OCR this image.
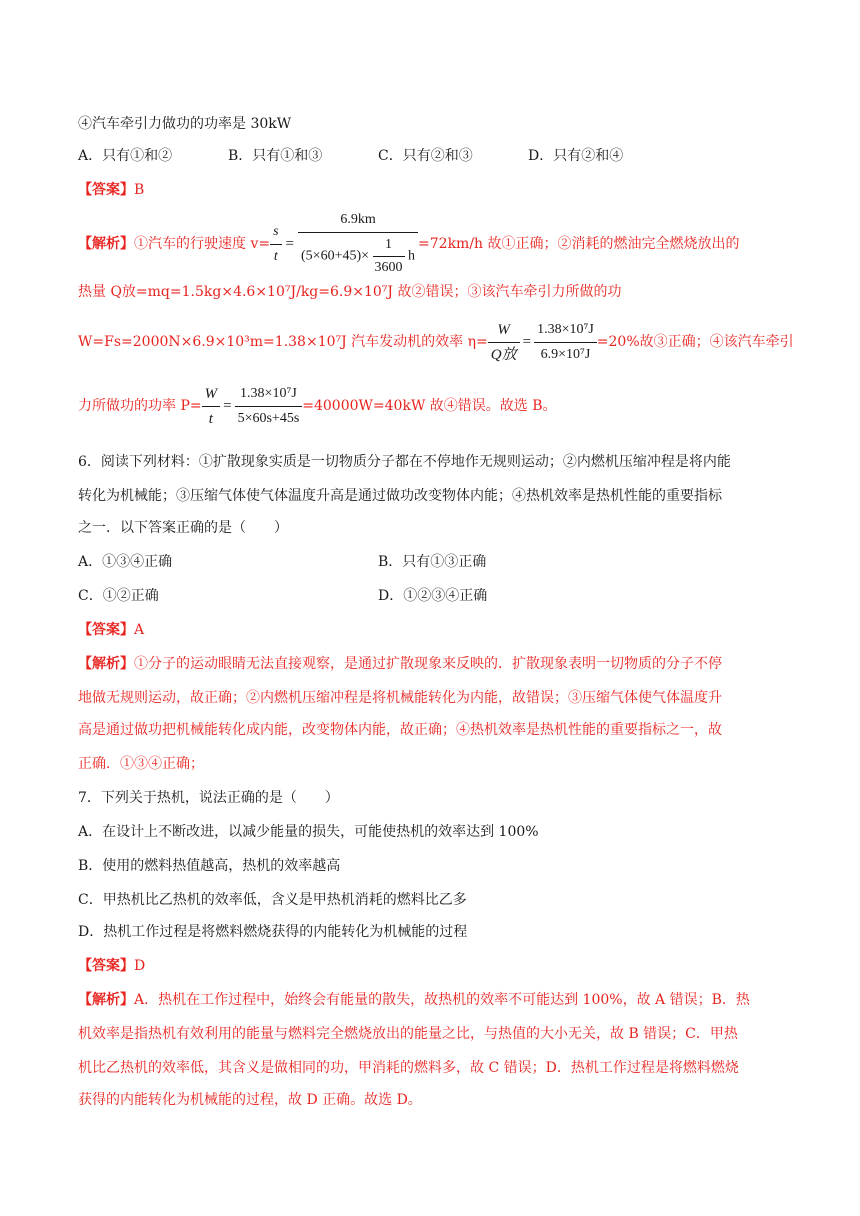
④汽车牵引力做功的功率是 30kW
A．只有①和②	B．只有①和③	C．只有②和③	D．只有②和④
【答案】B
【解析】 ①汽车的行驶速度 $v= \frac{s}{t}$ =
6.9km
$(5\times 60+45)\times \frac{1}{3600}$ h
=72km/h 故①正确；②消耗的燃油完全燃烧放出的
热量 Q放=mq=1.5kg×4.6×10⁷J/kg=6.9×10⁷J 故②错误；③该汽车牵引力所做的功
W=Fs=2000N×6.9×10³m=1.38×10⁷J 汽车发动机的效率 $\eta= \frac{W}{\text{Q放}} = \frac{\text{1.38×10⁷J}}{\text{6.9×10⁷J}} =20\%$故③正确；④该汽车牵引
力所做功的功率 $P= \frac{W}{t} = \frac{\text{1.38×10⁷J}}{5\times 60s+45s} =40000W=40kW$ 故④错误。故选 B。
6．阅读下列材料：①扩散现象实质是一切物质分子都在不停地作无规则运动；②内燃机压缩冲程是将内能
转化为机械能；③压缩气体使气体温度升高是通过做功改变物体内能；④热机效率是热机性能的重要指标
之一．以下答案正确的是（　　）
A．①③④正确	B．只有①③正确
C．①②正确	D．①②③④正确
【答案】A
【解析】①分子的运动眼睛无法直接观察，是通过扩散现象来反映的．扩散现象表明一切物质的分子不停
地做无规则运动，故正确；②内燃机压缩冲程是将机械能转化为内能，故错误；③压缩气体使气体温度升
高是通过做功把机械能转化成内能，改变物体内能，故正确；④热机效率是热机性能的重要指标之一，故
正确．①③④正确；
7．下列关于热机，说法正确的是（　　）
A．在设计上不断改进，以减少能量的损失，可能使热机的效率达到 100%
B．使用的燃料热值越高，热机的效率越高
C．甲热机比乙热机的效率低，含义是甲热机消耗的燃料比乙多
D．热机工作过程是将燃料燃烧获得的内能转化为机械能的过程
【答案】D
【解析】A．热机在工作过程中，始终会有能量的散失，故热机的效率不可能达到 100%，故 A 错误；B．热
机效率是指热机有效利用的能量与燃料完全燃烧放出的能量之比，与热值的大小无关，故 B 错误；C．甲热
机比乙热机的效率低，其含义是做相同的功，甲消耗的燃料多，故 C 错误；D．热机工作过程是将燃料燃烧
获得的内能转化为机械能的过程，故 D 正确。故选 D。
